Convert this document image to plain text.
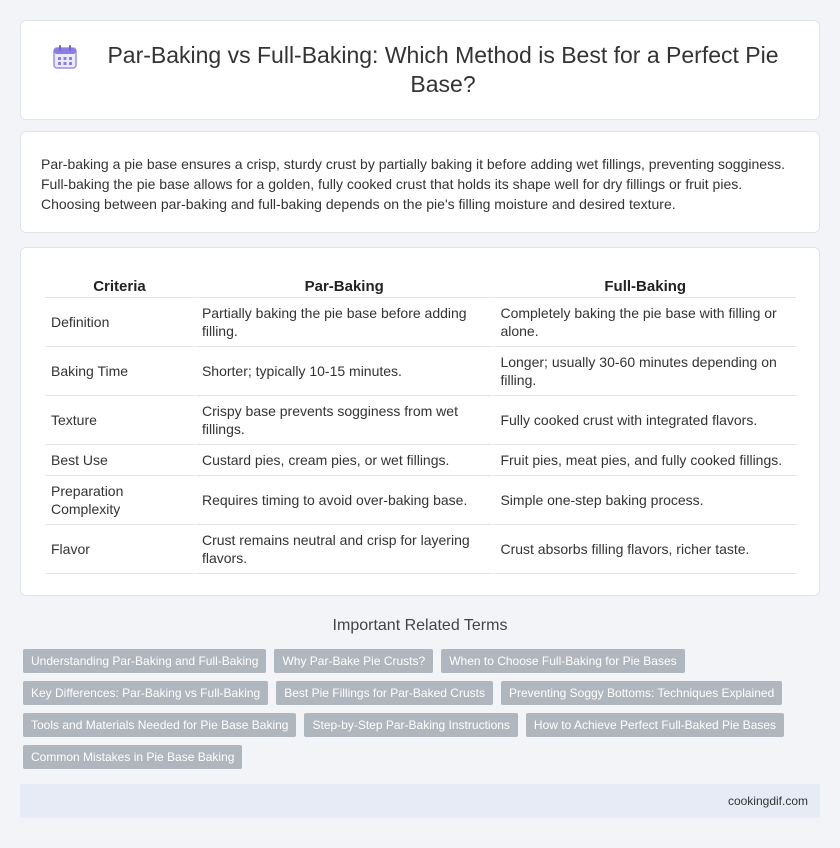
Par-Baking vs Full-Baking: Which Method is Best for a Perfect Pie Base?

Par-baking a pie base ensures a crisp, sturdy crust by partially baking it before adding wet fillings, preventing sogginess. Full-baking the pie base allows for a golden, fully cooked crust that holds its shape well for dry fillings or fruit pies. Choosing between par-baking and full-baking depends on the pie's filling moisture and desired texture.

Criteria	Par-Baking	Full-Baking
Definition	Partially baking the pie base before adding filling.	Completely baking the pie base with filling or alone.
Baking Time	Shorter; typically 10-15 minutes.	Longer; usually 30-60 minutes depending on filling.
Texture	Crispy base prevents sogginess from wet fillings.	Fully cooked crust with integrated flavors.
Best Use	Custard pies, cream pies, or wet fillings.	Fruit pies, meat pies, and fully cooked fillings.
Preparation Complexity	Requires timing to avoid over-baking base.	Simple one-step baking process.
Flavor	Crust remains neutral and crisp for layering flavors.	Crust absorbs filling flavors, richer taste.
Important Related Terms
Understanding Par-Baking and Full-Baking	Why Par-Bake Pie Crusts?	When to Choose Full-Baking for Pie Bases
Key Differences: Par-Baking vs Full-Baking	Best Pie Fillings for Par-Baked Crusts	Preventing Soggy Bottoms: Techniques Explained
Tools and Materials Needed for Pie Base Baking	Step-by-Step Par-Baking Instructions	How to Achieve Perfect Full-Baked Pie Bases
Common Mistakes in Pie Base Baking
cookingdif.com
